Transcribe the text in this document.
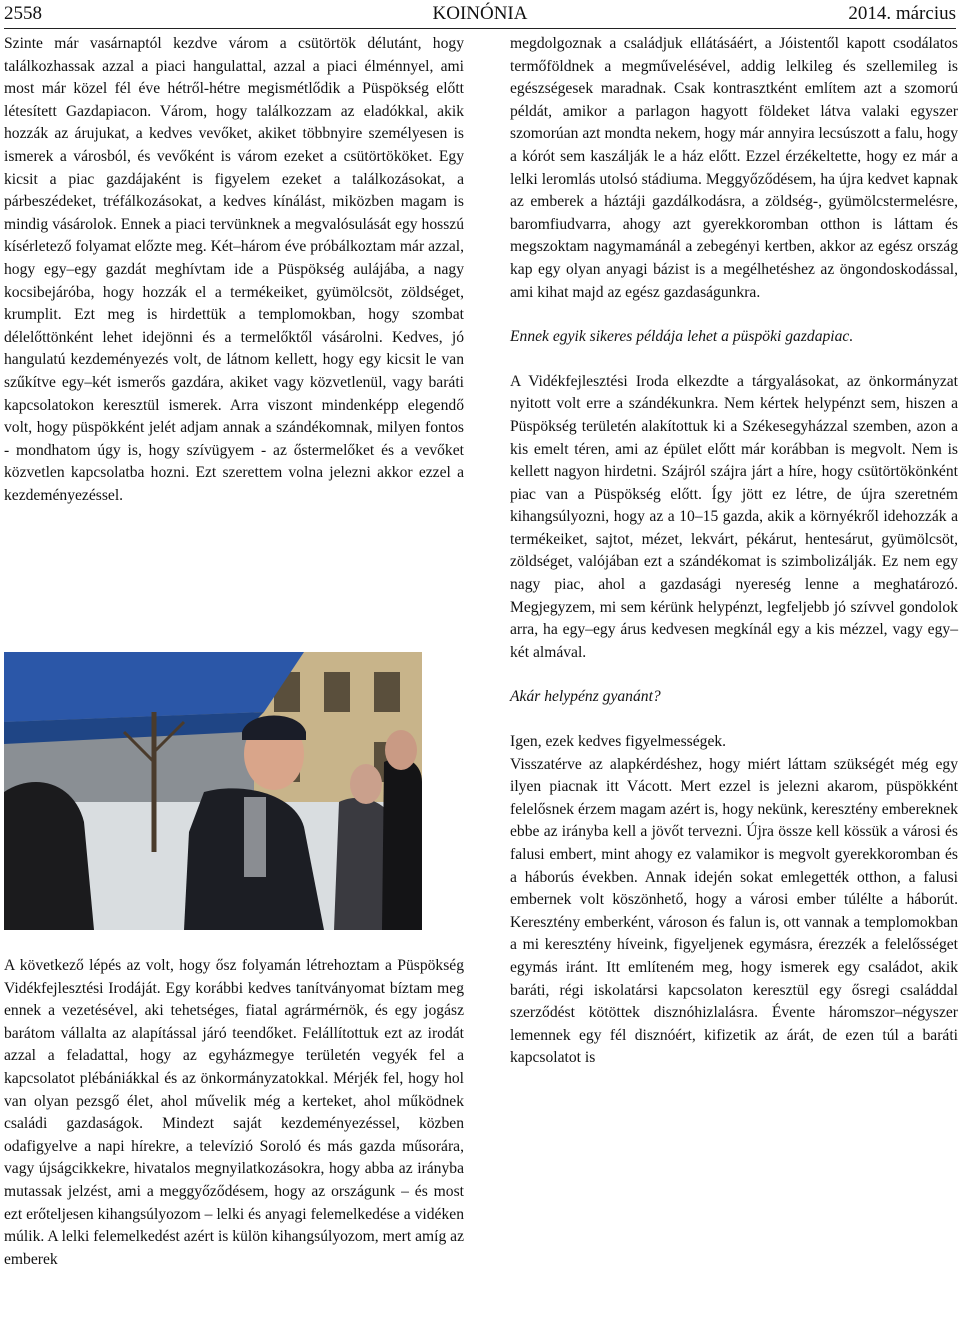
2558	KOINÓNIA	2014. március

Szinte már vasárnaptól kezdve várom a csütörtök délutánt, hogy találkozhassak azzal a piaci hangulattal, azzal a piaci élménnyel, ami most már közel fél éve hétről-hétre megismétlődik a Püspökség előtt létesített Gazdapiacon. Várom, hogy találkozzam az eladókkal, akik hozzák az árujukat, a kedves vevőket, akiket többnyire személyesen is ismerek a városból, és vevőként is várom ezeket a csütörtököket. Egy kicsit a piac gazdájaként is figyelem ezeket a találkozásokat, a párbeszédeket, tréfálkozásokat, a kedves kínálást, miközben magam is mindig vásárolok. Ennek a piaci tervünknek a megvalósulását egy hosszú kísérletező folyamat előzte meg. Két–három éve próbálkoztam már azzal, hogy egy–egy gazdát meghívtam ide a Püspökség aulájába, a nagy kocsibejáróba, hogy hozzák el a termékeiket, gyümölcsöt, zöldséget, krumplit. Ezt meg is hirdettük a templomokban, hogy szombat délelőttönként lehet idejönni és a termelőktől vásárolni. Kedves, jó hangulatú kezdeményezés volt, de látnom kellett, hogy egy kicsit le van szűkítve egy–két ismerős gazdára, akiket vagy közvetlenül, vagy baráti kapcsolatokon keresztül ismerek. Arra viszont mindenképp elegendő volt, hogy püspökként jelét adjam annak a szándékomnak, milyen fontos - mondhatom úgy is, hogy szívügyem - az őstermelőket és a vevőket közvetlen kapcsolatba hozni. Ezt szerettem volna jelezni akkor ezzel a kezdeményezéssel.

A következő lépés az volt, hogy ősz folyamán létrehoztam a Püspökség Vidékfejlesztési Irodáját. Egy korábbi kedves tanítványomat bíztam meg ennek a vezetésével, aki tehetséges, fiatal agrármérnök, és egy jogász barátom vállalta az alapítással járó teendőket. Felállítottuk ezt az irodát azzal a feladattal, hogy az egyházmegye területén vegyék fel a kapcsolatot plébániákkal és az önkormányzatokkal. Mérjék fel, hogy hol van olyan pezsgő élet, ahol művelik még a kerteket, ahol működnek családi gazdaságok. Mindezt saját kezdeményezéssel, közben odafigyelve a napi hírekre, a televízió Soroló és más gazda műsorára, vagy újságcikkekre, hivatalos megnyilatkozásokra, hogy abba az irányba mutassak jelzést, ami a meggyőződésem, hogy az országunk – és most ezt erőteljesen kihangsúlyozom – lelki és anyagi felemelkedése a vidéken múlik. A lelki felemelkedést azért is külön kihangsúlyozom, mert amíg az emberek

megdolgoznak a családjuk ellátásáért, a Jóistentől kapott csodálatos termőföldnek a megművelésével, addig lelkileg és szellemileg is egészségesek maradnak. Csak kontrasztként említem azt a szomorú példát, amikor a parlagon hagyott földeket látva valaki egyszer szomorúan azt mondta nekem, hogy már annyira lecsúszott a falu, hogy a kórót sem kaszálják le a ház előtt. Ezzel érzékeltette, hogy ez már a lelki leromlás utolsó stádiuma. Meggyőződésem, ha újra kedvet kapnak az emberek a háztáji gazdálkodásra, a zöldség-, gyümölcstermelésre, baromfiudvarra, ahogy azt gyerekkoromban otthon is láttam és megszoktam nagymamánál a zebegényi kertben, akkor az egész ország kap egy olyan anyagi bázist is a megélhetéshez az öngondoskodással, ami kihat majd az egész gazdaságunkra.

Ennek egyik sikeres példája lehet a püspöki gazdapiac.

A Vidékfejlesztési Iroda elkezdte a tárgyalásokat, az önkormányzat nyitott volt erre a szándékunkra. Nem kértek helypénzt sem, hiszen a Püspökség területén alakítottuk ki a Székesegyházzal szemben, azon a kis emelt téren, ami az épület előtt már korábban is megvolt. Nem is kellett nagyon hirdetni. Szájról szájra járt a híre, hogy csütörtökönként piac van a Püspökség előtt. Így jött ez létre, de újra szeretném kihangsúlyozni, hogy az a 10–15 gazda, akik a környékről idehozzák a termékeiket, sajtot, mézet, lekvárt, pékárut, hentesárut, gyümölcsöt, zöldséget, valójában ezt a szándékomat is szimbolizálják. Ez nem egy nagy piac, ahol a gazdasági nyereség lenne a meghatározó. Megjegyzem, mi sem kérünk helypénzt, legfeljebb jó szívvel gondolok arra, ha egy–egy árus kedvesen megkínál egy a kis mézzel, vagy egy–két almával.

Akár helypénz gyanánt?

Igen, ezek kedves figyelmességek.

Visszatérve az alapkérdéshez, hogy miért láttam szükségét még egy ilyen piacnak itt Vácott. Mert ezzel is jelezni akarom, püspökként felelősnek érzem magam azért is, hogy nekünk, keresztény embereknek ebbe az irányba kell a jövőt tervezni. Újra össze kell kössük a városi és falusi embert, mint ahogy ez valamikor is megvolt gyerekkoromban és a háborús években. Annak idején sokat emlegették otthon, a falusi embernek volt köszönhető, hogy a városi ember túlélte a háborút. Keresztény emberként, városon és falun is, ott vannak a templomokban a mi keresztény híveink, figyeljenek egymásra, érezzék a felelősséget egymás iránt. Itt említeném meg, hogy ismerek egy családot, akik baráti, régi iskolatársi kapcsolaton keresztül egy ősregi családdal szerződést kötöttek disznóhizlalásra. Évente háromszor–négyszer lemennek egy fél disznóért, kifizetik az árát, de ezen túl a baráti kapcsolatot is
